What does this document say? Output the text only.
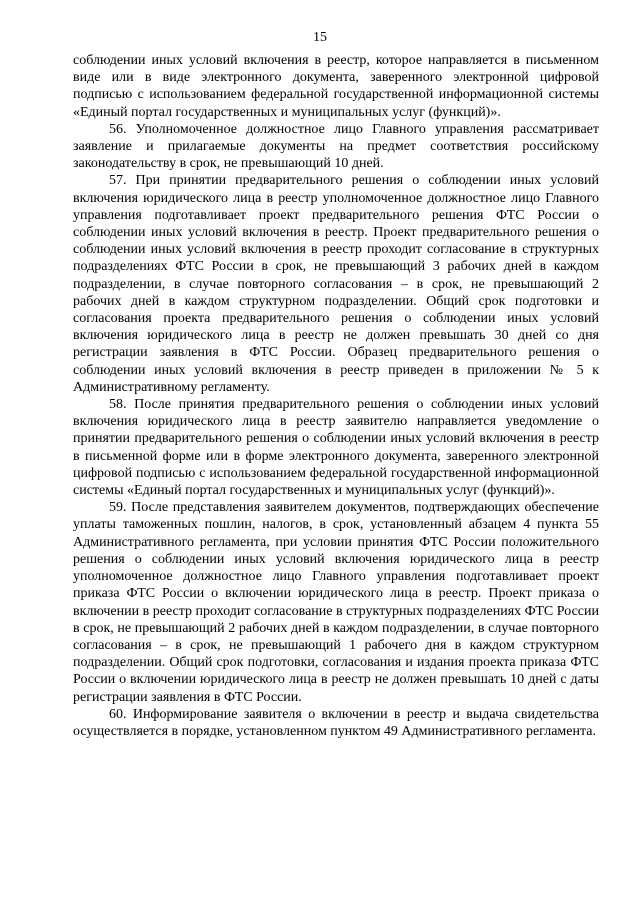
15

соблюдении иных условий включения в реестр, которое направляется в письменном виде или в виде электронного документа, заверенного электронной цифровой подписью с использованием федеральной государственной информационной системы «Единый портал государственных и муниципальных услуг (функций)».

56. Уполномоченное должностное лицо Главного управления рассматривает заявление и прилагаемые документы на предмет соответствия российскому законодательству в срок, не превышающий 10 дней.

57. При принятии предварительного решения о соблюдении иных условий включения юридического лица в реестр уполномоченное должностное лицо Главного управления подготавливает проект предварительного решения ФТС России о соблюдении иных условий включения в реестр. Проект предварительного решения о соблюдении иных условий включения в реестр проходит согласование в структурных подразделениях ФТС России в срок, не превышающий 3 рабочих дней в каждом подразделении, в случае повторного согласования – в срок, не превышающий 2 рабочих дней в каждом структурном подразделении. Общий срок подготовки и согласования проекта предварительного решения о соблюдении иных условий включения юридического лица в реестр не должен превышать 30 дней со дня регистрации заявления в ФТС России. Образец предварительного решения о соблюдении иных условий включения в реестр приведен в приложении № 5 к Административному регламенту.

58. После принятия предварительного решения о соблюдении иных условий включения юридического лица в реестр заявителю направляется уведомление о принятии предварительного решения о соблюдении иных условий включения в реестр в письменной форме или в форме электронного документа, заверенного электронной цифровой подписью с использованием федеральной государственной информационной системы «Единый портал государственных и муниципальных услуг (функций)».

59. После представления заявителем документов, подтверждающих обеспечение уплаты таможенных пошлин, налогов, в срок, установленный абзацем 4 пункта 55 Административного регламента, при условии принятия ФТС России положительного решения о соблюдении иных условий включения юридического лица в реестр уполномоченное должностное лицо Главного управления подготавливает проект приказа ФТС России о включении юридического лица в реестр. Проект приказа о включении в реестр проходит согласование в структурных подразделениях ФТС России в срок, не превышающий 2 рабочих дней в каждом подразделении, в случае повторного согласования – в срок, не превышающий 1 рабочего дня в каждом структурном подразделении. Общий срок подготовки, согласования и издания проекта приказа ФТС России о включении юридического лица в реестр не должен превышать 10 дней с даты регистрации заявления в ФТС России.

60. Информирование заявителя о включении в реестр и выдача свидетельства осуществляется в порядке, установленном пунктом 49 Административного регламента.
